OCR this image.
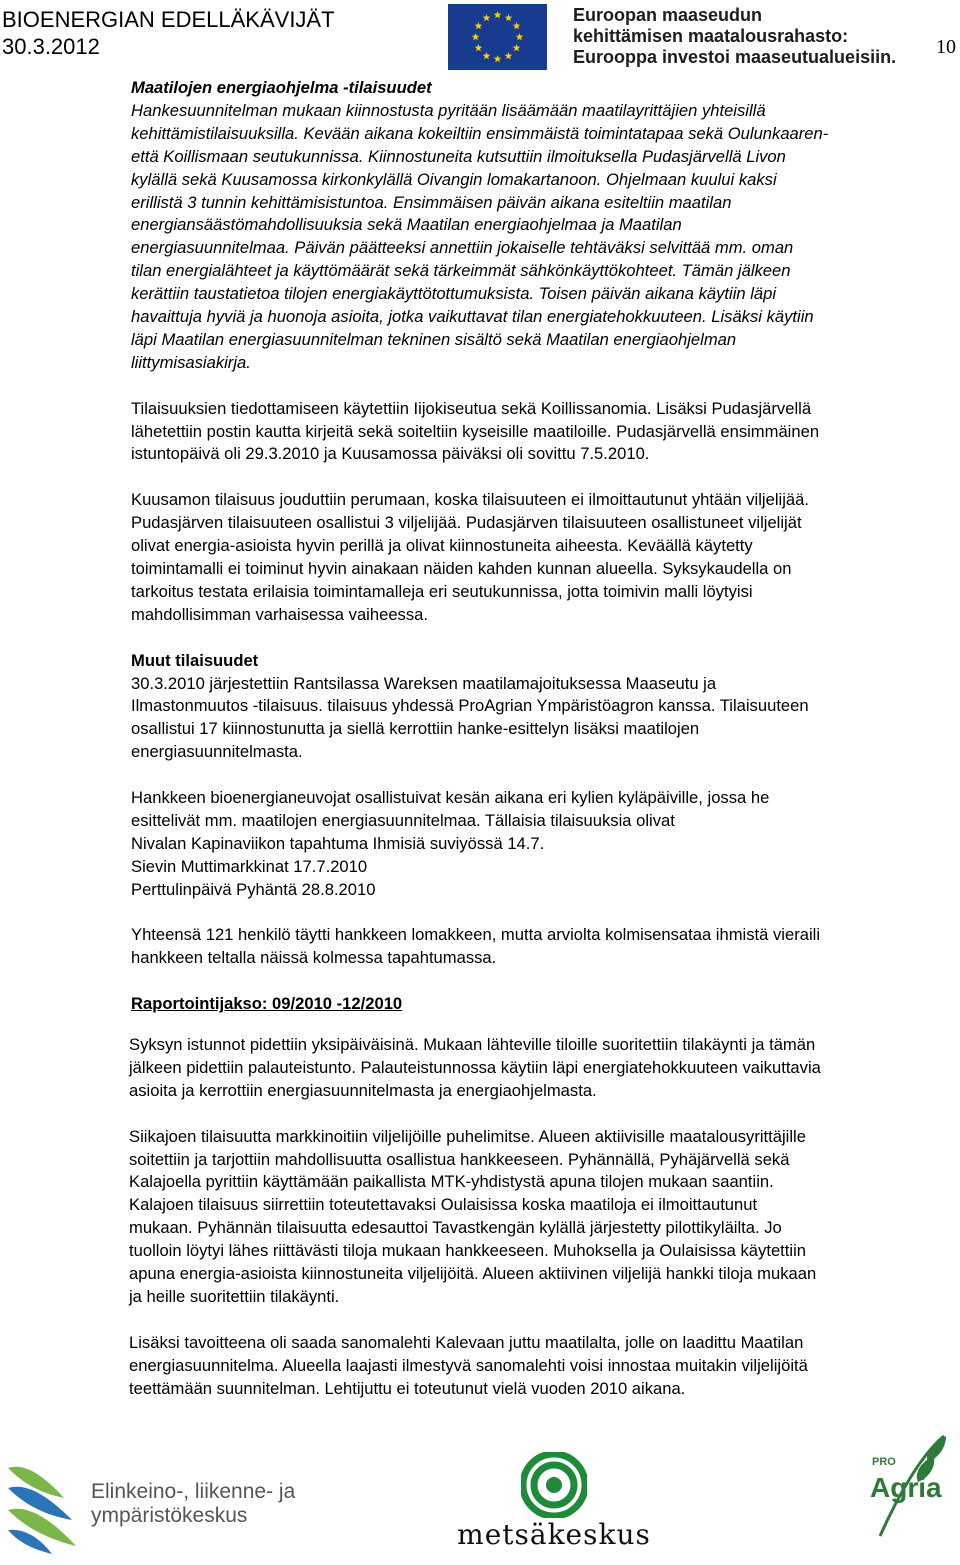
BIOENERGIAN EDELLÄKÄVIJÄT
30.3.2012
Euroopan maaseudun
kehittämisen maatalousrahasto:
Eurooppa investoi maaseutualueisiin. 10

Maatilojen energiaohjelma -tilaisuudet
Hankesuunnitelman mukaan kiinnostusta pyritään lisäämään maatilayrittäjien yhteisillä
kehittämistilaisuuksilla. Kevään aikana kokeiltiin ensimmäistä toimintatapaa sekä Oulunkaaren-
että Koillismaan seutukunnissa. Kiinnostuneita kutsuttiin ilmoituksella Pudasjärvellä Livon
kylällä sekä Kuusamossa kirkonkylällä Oivangin lomakartanoon. Ohjelmaan kuului kaksi
erillistä 3 tunnin kehittämisistuntoa. Ensimmäisen päivän aikana esiteltiin maatilan
energiansäästömahdollisuuksia sekä Maatilan energiaohjelmaa ja Maatilan
energiasuunnitelmaa. Päivän päätteeksi annettiin jokaiselle tehtäväksi selvittää mm. oman
tilan energialähteet ja käyttömäärät sekä tärkeimmät sähkönkäyttökohteet. Tämän jälkeen
kerättiin taustatietoa tilojen energiakäyttötottumuksista. Toisen päivän aikana käytiin läpi
havaittuja hyviä ja huonoja asioita, jotka vaikuttavat tilan energiatehokkuuteen. Lisäksi käytiin
läpi Maatilan energiasuunnitelman tekninen sisältö sekä Maatilan energiaohjelman
liittymisasiakirja.

Tilaisuuksien tiedottamiseen käytettiin Iijokiseutua sekä Koillissanomia. Lisäksi Pudasjärvellä
lähetettiin postin kautta kirjeitä sekä soiteltiin kyseisille maatiloille. Pudasjärvellä ensimmäinen
istuntopäivä oli 29.3.2010 ja Kuusamossa päiväksi oli sovittu 7.5.2010.

Kuusamon tilaisuus jouduttiin perumaan, koska tilaisuuteen ei ilmoittautunut yhtään viljelijää.
Pudasjärven tilaisuuteen osallistui 3 viljelijää. Pudasjärven tilaisuuteen osallistuneet viljelijät
olivat energia-asioista hyvin perillä ja olivat kiinnostuneita aiheesta. Keväällä käytetty
toimintamalli ei toiminut hyvin ainakaan näiden kahden kunnan alueella. Syksykaudella on
tarkoitus testata erilaisia toimintamalleja eri seutukunnissa, jotta toimivin malli löytyisi
mahdollisimman varhaisessa vaiheessa.

Muut tilaisuudet
30.3.2010 järjestettiin Rantsilassa Wareksen maatilamajoituksessa Maaseutu ja
Ilmastonmuutos -tilaisuus. tilaisuus yhdessä ProAgrian Ympäristöagron kanssa. Tilaisuuteen
osallistui 17 kiinnostunutta ja siellä kerrottiin hanke-esittelyn lisäksi maatilojen
energiasuunnitelmasta.

Hankkeen bioenergianeuvojat osallistuivat kesän aikana eri kylien kyläpäiville, jossa he
esittelivät mm. maatilojen energiasuunnitelmaa. Tällaisia tilaisuuksia olivat
Nivalan Kapinaviikon tapahtuma Ihmisiä suviyössä 14.7.
Sievin Muttimarkkinat 17.7.2010
Perttulinpäivä Pyhäntä 28.8.2010

Yhteensä 121 henkilö täytti hankkeen lomakkeen, mutta arviolta kolmisensataa ihmistä vieraili
hankkeen teltalla näissä kolmessa tapahtumassa.

Raportointijakso: 09/2010 -12/2010

Syksyn istunnot pidettiin yksipäiväisinä. Mukaan lähteville tiloille suoritettiin tilakäynti ja tämän
jälkeen pidettiin palauteistunto. Palauteistunnossa käytiin läpi energiatehokkuuteen vaikuttavia
asioita ja kerrottiin energiasuunnitelmasta ja energiaohjelmasta.

Siikajoen tilaisuutta markkinoitiin viljelijöille puhelimitse. Alueen aktiivisille maatalousyrittäjille
soitettiin ja tarjottiin mahdollisuutta osallistua hankkeeseen. Pyhännällä, Pyhäjärvellä sekä
Kalajoella pyrittiin käyttämään paikallista MTK-yhdistystä apuna tilojen mukaan saantiin.
Kalajoen tilaisuus siirrettiin toteutettavaksi Oulaisissa koska maatiloja ei ilmoittautunut
mukaan. Pyhännän tilaisuutta edesauttoi Tavastkengän kylällä järjestetty pilottikyläilta. Jo
tuolloin löytyi lähes riittävästi tiloja mukaan hankkeeseen. Muhoksella ja Oulaisissa käytettiin
apuna energia-asioista kiinnostuneita viljelijöitä. Alueen aktiivinen viljelijä hankki tiloja mukaan
ja heille suoritettiin tilakäynti.

Lisäksi tavoitteena oli saada sanomalehti Kalevaan juttu maatilalta, jolle on laadittu Maatilan
energiasuunnitelma. Alueella laajasti ilmestyvä sanomalehti voisi innostaa muitakin viljelijöitä
teettämään suunnitelman. Lehtijuttu ei toteutunut vielä vuoden 2010 aikana.

Elinkeino-, liikenne- ja
ympäristökeskus
metsäkeskus
PRO
Agria
